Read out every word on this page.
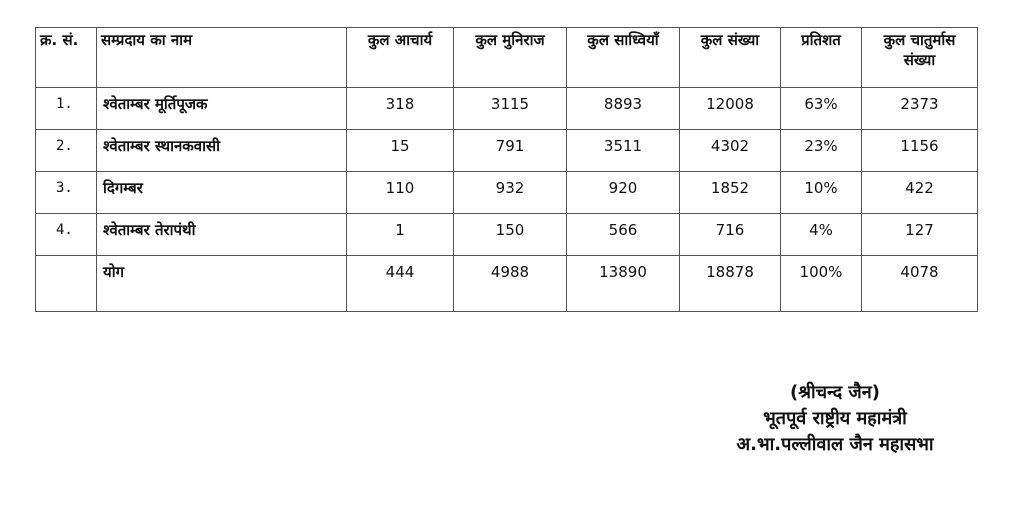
क्र. सं.	सम्प्रदाय का नाम	कुल आचार्य	कुल मुनिराज	कुल साध्वियाँ	कुल संख्या	प्रतिशत	कुल चातुर्मास संख्या
1.	श्वेताम्बर मूर्तिपूजक	318	3115	8893	12008	63%	2373
2.	श्वेताम्बर स्थानकवासी	15	791	3511	4302	23%	1156
3.	दिगम्बर	110	932	920	1852	10%	422
4.	श्वेताम्बर तेरापंथी	1	150	566	716	4%	127
	योग	444	4988	13890	18878	100%	4078
(श्रीचन्द जैन)
भूतपूर्व राष्ट्रीय महामंत्री
अ.भा.पल्लीवाल जैन महासभा
